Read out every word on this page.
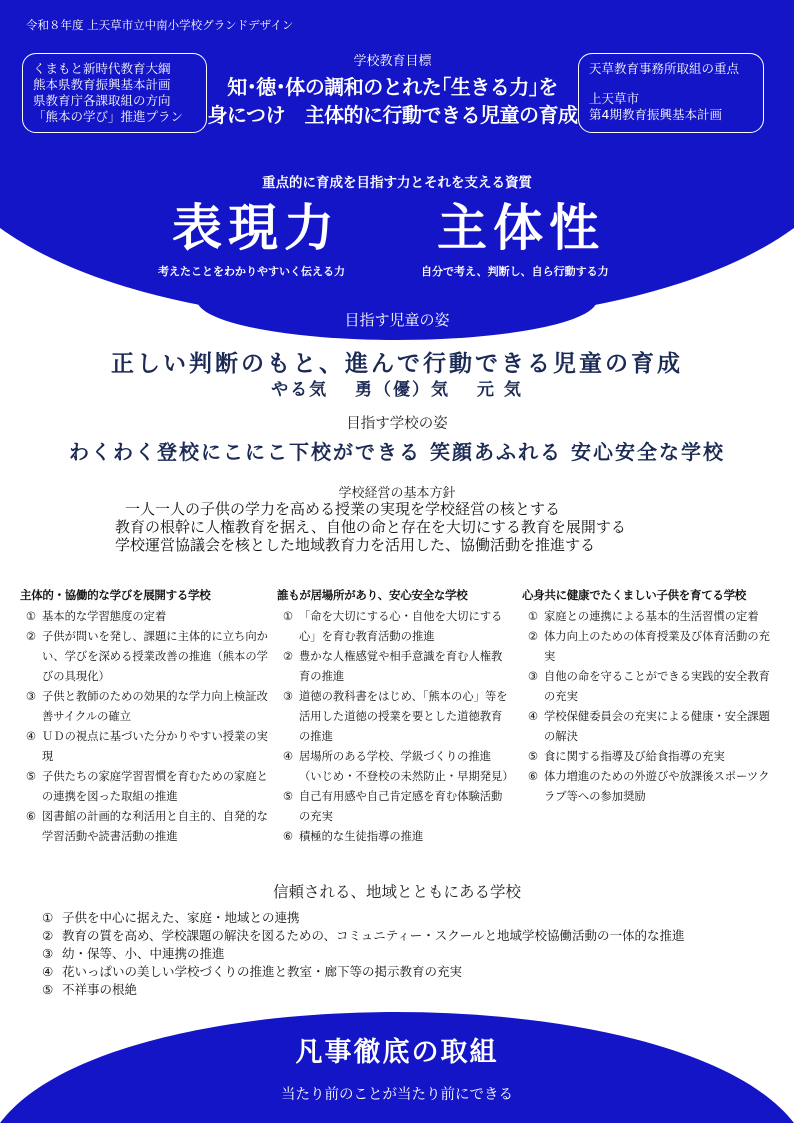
令和８年度 上天草市立中南小学校グランドデザイン
くまもと新時代教育大綱
熊本県教育振興基本計画
県教育庁各課取組の方向
「熊本の学び」推進プラン
学校教育目標
知･徳･体の調和のとれた｢生きる力｣を
身につけ　主体的に行動できる児童の育成
天草教育事務所取組の重点
上天草市
第4期教育振興基本計画
重点的に育成を目指す力とそれを支える資質
表現力 主体性
考えたことをわかりやすいく伝える力	自分で考え、判断し、自ら行動する力
目指す児童の姿
正しい判断のもと、進んで行動できる児童の育成
やる気　 勇（優）気　 元 気
目指す学校の姿
わくわく登校にこにこ下校ができる 笑顔あふれる 安心安全な学校
学校経営の基本方針
一人一人の子供の学力を高める授業の実現を学校経営の核とする
教育の根幹に人権教育を据え、自他の命と存在を大切にする教育を展開する
学校運営協議会を核とした地域教育力を活用した、協働活動を推進する
主体的・協働的な学びを展開する学校
① 基本的な学習態度の定着
② 子供が問いを発し、課題に主体的に立ち向かい、学びを深める授業改善の推進（熊本の学びの具現化）
③ 子供と教師のための効果的な学力向上検証改善サイクルの確立
④ ＵＤの視点に基づいた分かりやすい授業の実現
⑤ 子供たちの家庭学習習慣を育むための家庭との連携を図った取組の推進
⑥ 図書館の計画的な利活用と自主的、自発的な学習活動や読書活動の推進
誰もが居場所があり、安心安全な学校
① 「命を大切にする心・自他を大切にする心」を育む教育活動の推進
② 豊かな人権感覚や相手意識を育む人権教育の推進
③ 道徳の教科書をはじめ、「熊本の心」等を活用した道徳の授業を要とした道徳教育の推進
④ 居場所のある学校、学級づくりの推進（いじめ・不登校の未然防止・早期発見）
⑤ 自己有用感や自己肯定感を育む体験活動の充実
⑥ 積極的な生徒指導の推進
心身共に健康でたくましい子供を育てる学校
① 家庭との連携による基本的生活習慣の定着
② 体力向上のための体育授業及び体育活動の充実
③ 自他の命を守ることができる実践的安全教育の充実
④ 学校保健委員会の充実による健康・安全課題の解決
⑤ 食に関する指導及び給食指導の充実
⑥ 体力増進のための外遊びや放課後スポーツクラブ等への参加奨励
信頼される、地域とともにある学校
① 子供を中心に据えた、家庭・地域との連携
② 教育の質を高め、学校課題の解決を図るための、コミュニティー・スクールと地域学校協働活動の一体的な推進
③ 幼・保等、小、中連携の推進
④ 花いっぱいの美しい学校づくりの推進と教室・廊下等の掲示教育の充実
⑤ 不祥事の根絶
凡事徹底の取組
当たり前のことが当たり前にできる
